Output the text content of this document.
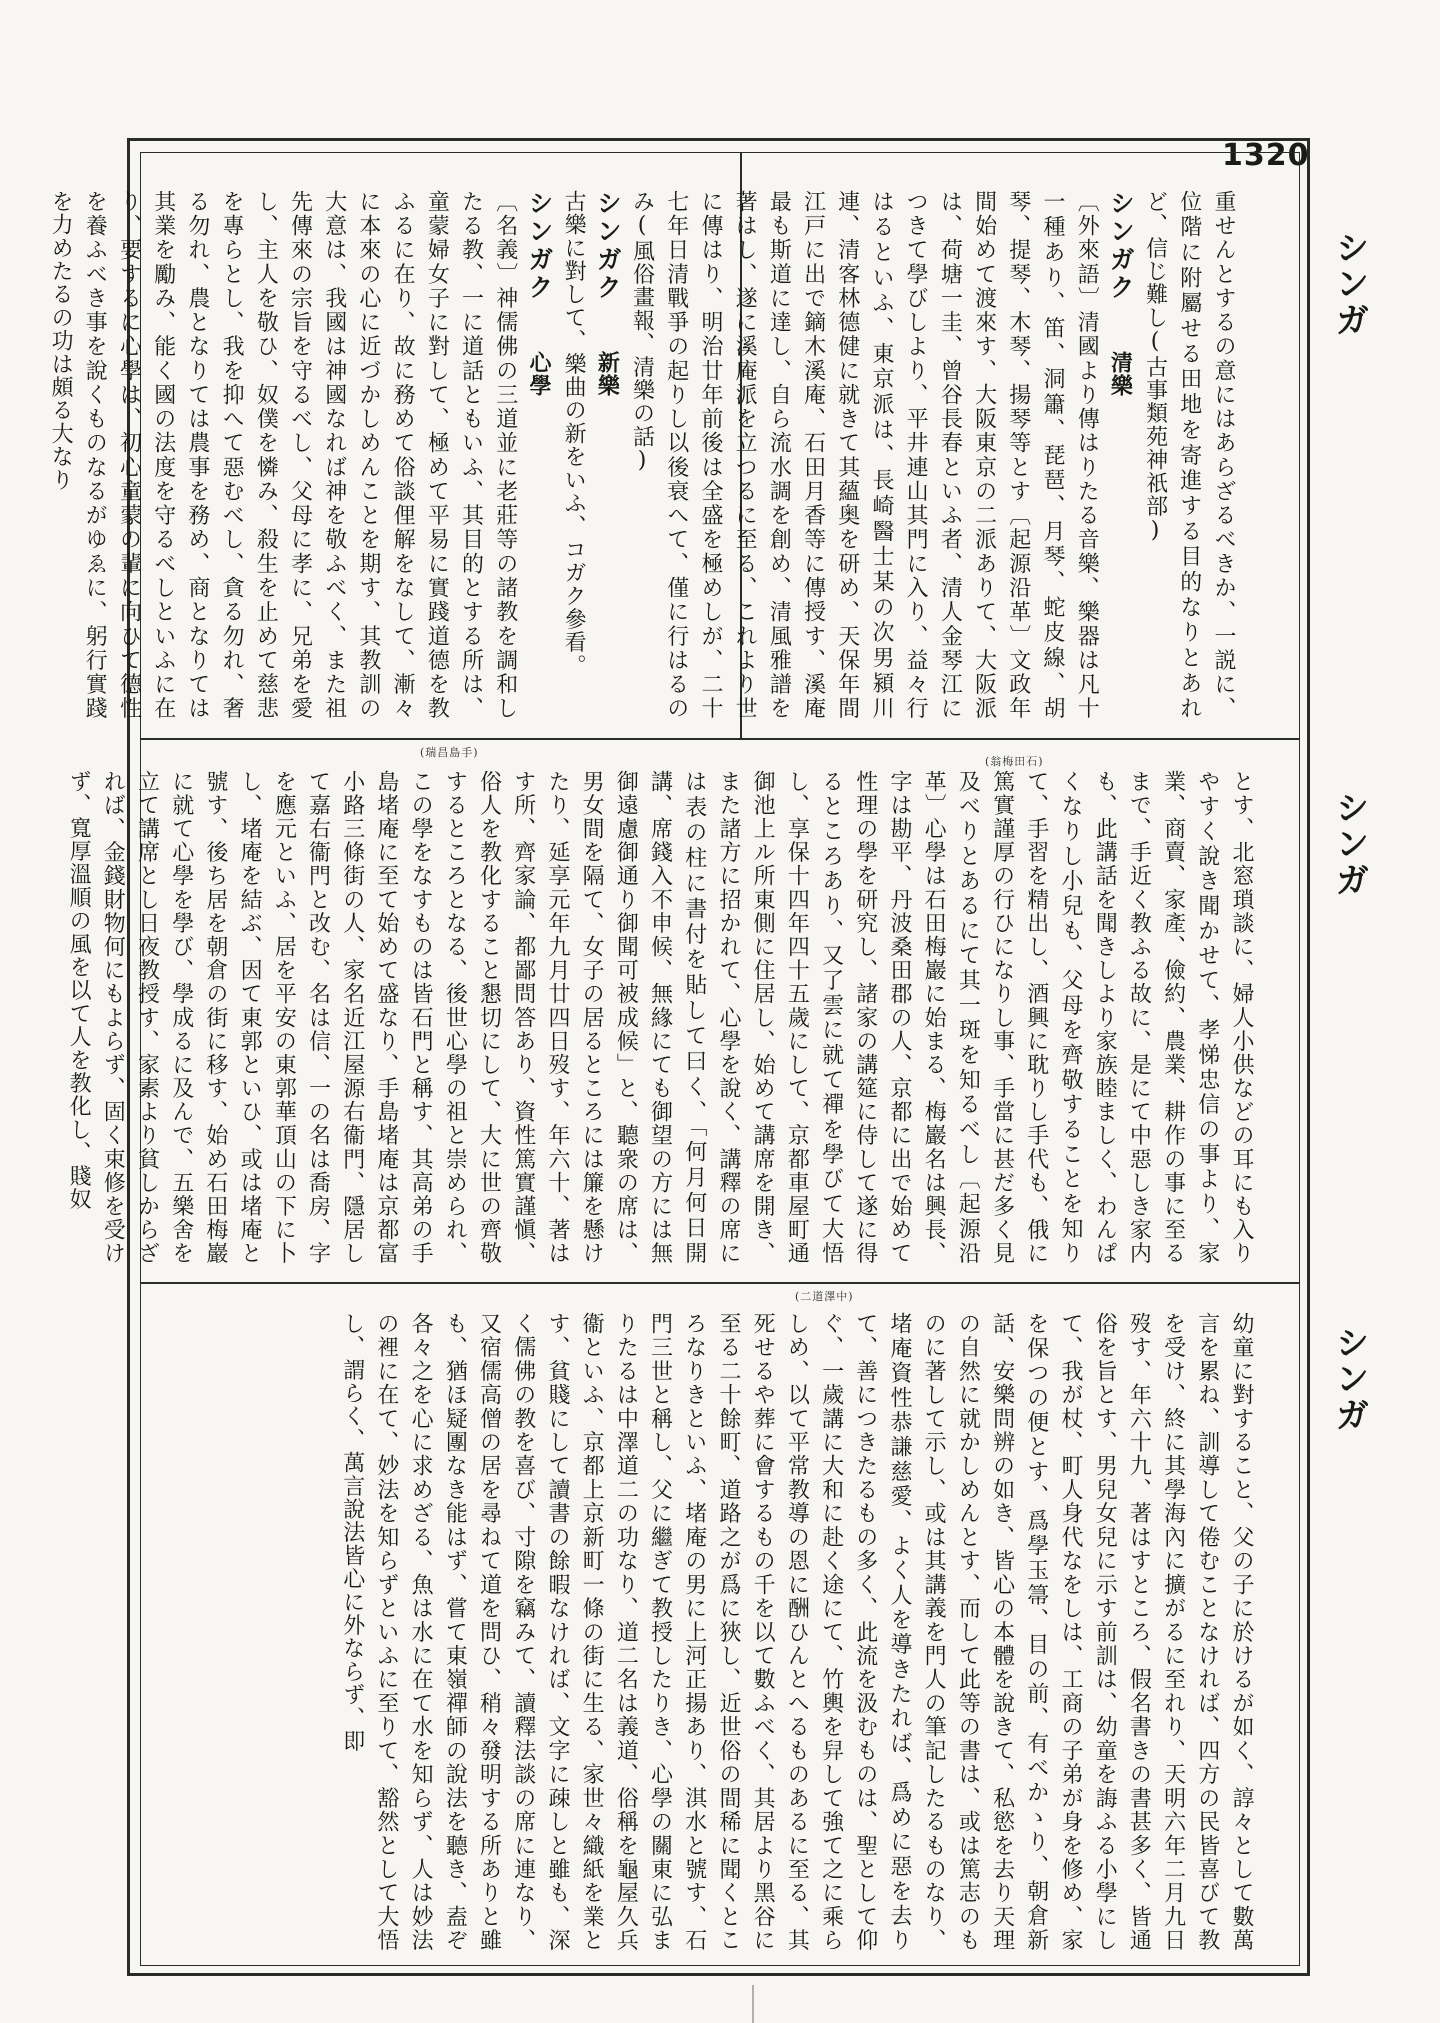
1320
シンガ
シンガ
シンガ
(瑞昌島手)
(翁梅田石)
(二道澤中)

重せんとするの意にはあらざるべきか、一説に、位階に附屬せる田地を寄進する目的なりとあれど、信じ難し(古事類苑神祇部)

シンガク 清樂

〔外來語〕清國より傳はりたる音樂、樂器は凡十一種あり、笛、洞簫、琵琶、月琴、蛇皮線、胡琴、提琴、木琴、揚琴等とす〔起源沿革〕文政年間始めて渡來す、大阪東京の二派ありて、大阪派は、荷塘一圭、曾谷長春といふ者、清人金琴江につきて學びしより、平井連山其門に入り、益々行はるといふ、東京派は、長崎醫士某の次男潁川連、清客林德健に就きて其蘊奥を研め、天保年間江戸に出で鏑木溪庵、石田月香等に傳授す、溪庵最も斯道に達し、自ら流水調を創め、清風雅譜を著はし、遂に溪庵派を立つるに至る、これより世に傳はり、明治廿年前後は全盛を極めしが、二十七年日清戰爭の起りし以後衰へて、僅に行はるのみ(風俗畫報、清樂の話)

シンガク 新樂

古樂に對して、樂曲の新をいふ、コガク參看。

シンガク 心學

〔名義〕神儒佛の三道並に老莊等の諸教を調和したる教、一に道話ともいふ、其目的とする所は、童蒙婦女子に對して、極めて平易に實踐道德を教ふるに在り、故に務めて俗談俚解をなして、漸々に本來の心に近づかしめんことを期す、其教訓の大意は、我國は神國なれば神を敬ふべく、また祖先傳來の宗旨を守るべし、父母に孝に、兄弟を愛し、主人を敬ひ、奴僕を憐み、殺生を止めて慈悲を專らとし、我を抑へて惡むべし、貪る勿れ、奢る勿れ、農となりては農事を務め、商となりては其業を勵み、能く國の法度を守るべしといふに在り、要するに心學は、初心童蒙の輩に向ひて德性を養ふべき事を說くものなるがゆゑに、躬行實踐を力めたるの功は頗る大なり

とす、北窓瑣談に、婦人小供などの耳にも入りやすく說き聞かせて、孝悌忠信の事より、家業、商賣、家產、儉約、農業、耕作の事に至るまで、手近く教ふる故に、是にて中惡しき家内も、此講話を聞きしより家族睦ましく、わんぱくなりし小兒も、父母を齊敬することを知りて、手習を精出し、酒興に耽りし手代も、俄に篤實謹厚の行ひになりし事、手當に甚だ多く見及べりとあるにて其一斑を知るべし〔起源沿革〕心學は石田梅巖に始まる、梅巖名は興長、字は勘平、丹波桑田郡の人、京都に出で始めて性理の學を研究し、諸家の講筵に侍して遂に得るところあり、又了雲に就て禪を學びて大悟し、享保十四年四十五歲にして、京都車屋町通御池上ル所東側に住居し、始めて講席を開き、また諸方に招かれて、心學を說く、講釋の席には表の柱に書付を貼して曰く、「何月何日開講、席錢入不申候、無緣にても御望の方には無御遠慮御通り御聞可被成候」と、聽衆の席は、男女間を隔て、女子の居るところには簾を懸けたり、延享元年九月廿四日歿す、年六十、著はす所、齊家論、都鄙問答あり、資性篤實謹愼、俗人を教化すること懇切にして、大に世の齊敬するところとなる、後世心學の祖と崇められ、この學をなすものは皆石門と稱す、其高弟の手島堵庵に至て始めて盛なり、手島堵庵は京都富小路三條街の人、家名近江屋源右衞門、隱居して嘉右衞門と改む、名は信、一の名は喬房、字を應元といふ、居を平安の東郭華頂山の下に卜し、堵庵を結ぶ、因て東郭といひ、或は堵庵と號す、後ち居を朝倉の街に移す、始め石田梅巖に就て心學を學び、學成るに及んで、五樂舍を立て講席とし日夜教授す、家素より貧しからざれば、金錢財物何にもよらず、固く束修を受けず、寬厚溫順の風を以て人を教化し、賤奴

幼童に對すること、父の子に於けるが如く、諄々として數萬言を累ね、訓導して倦むことなければ、四方の民皆喜びて教を受け、終に其學海內に擴がるに至れり、天明六年二月九日歿す、年六十九、著はすところ、假名書きの書甚多く、皆通俗を旨とす、男兒女兒に示す前訓は、幼童を誨ふる小學にして、我が杖、町人身代なをしは、工商の子弟が身を修め、家を保つの便とす、爲學玉箒、目の前、有べかゝり、朝倉新話、安樂問辨の如き、皆心の本體を說きて、私慾を去り天理の自然に就かしめんとす、而して此等の書は、或は篤志のものに著して示し、或は其講義を門人の筆記したるものなり、堵庵資性恭謙慈愛、よく人を導きたれば、爲めに惡を去りて、善につきたるもの多く、此流を汲むものは、聖として仰ぐ、一歲講に大和に赴く途にて、竹輿を舁して強て之に乘らしめ、以て平常教導の恩に酬ひんとへるものあるに至る、其死せるや葬に會するもの千を以て數ふべく、其居より黑谷に至る二十餘町、道路之が爲に狹し、近世俗の間稀に聞くところなりきといふ、堵庵の男に上河正揚あり、淇水と號す、石門三世と稱し、父に繼ぎて教授したりき、心學の關東に弘まりたるは中澤道二の功なり、道二名は義道、俗稱を龜屋久兵衞といふ、京都上京新町一條の街に生る、家世々織紙を業とす、貧賤にして讀書の餘暇なければ、文字に疎しと雖も、深く儒佛の教を喜び、寸隙を竊みて、讀釋法談の席に連なり、又宿儒高僧の居を尋ねて道を問ひ、稍々發明する所ありと雖も、猶ほ疑團なき能はず、嘗て東嶺禪師の說法を聽き、盍ぞ各々之を心に求めざる、魚は水に在て水を知らず、人は妙法の裡に在て、妙法を知らずといふに至りて、豁然として大悟し、謂らく、萬言說法皆心に外ならず、即
